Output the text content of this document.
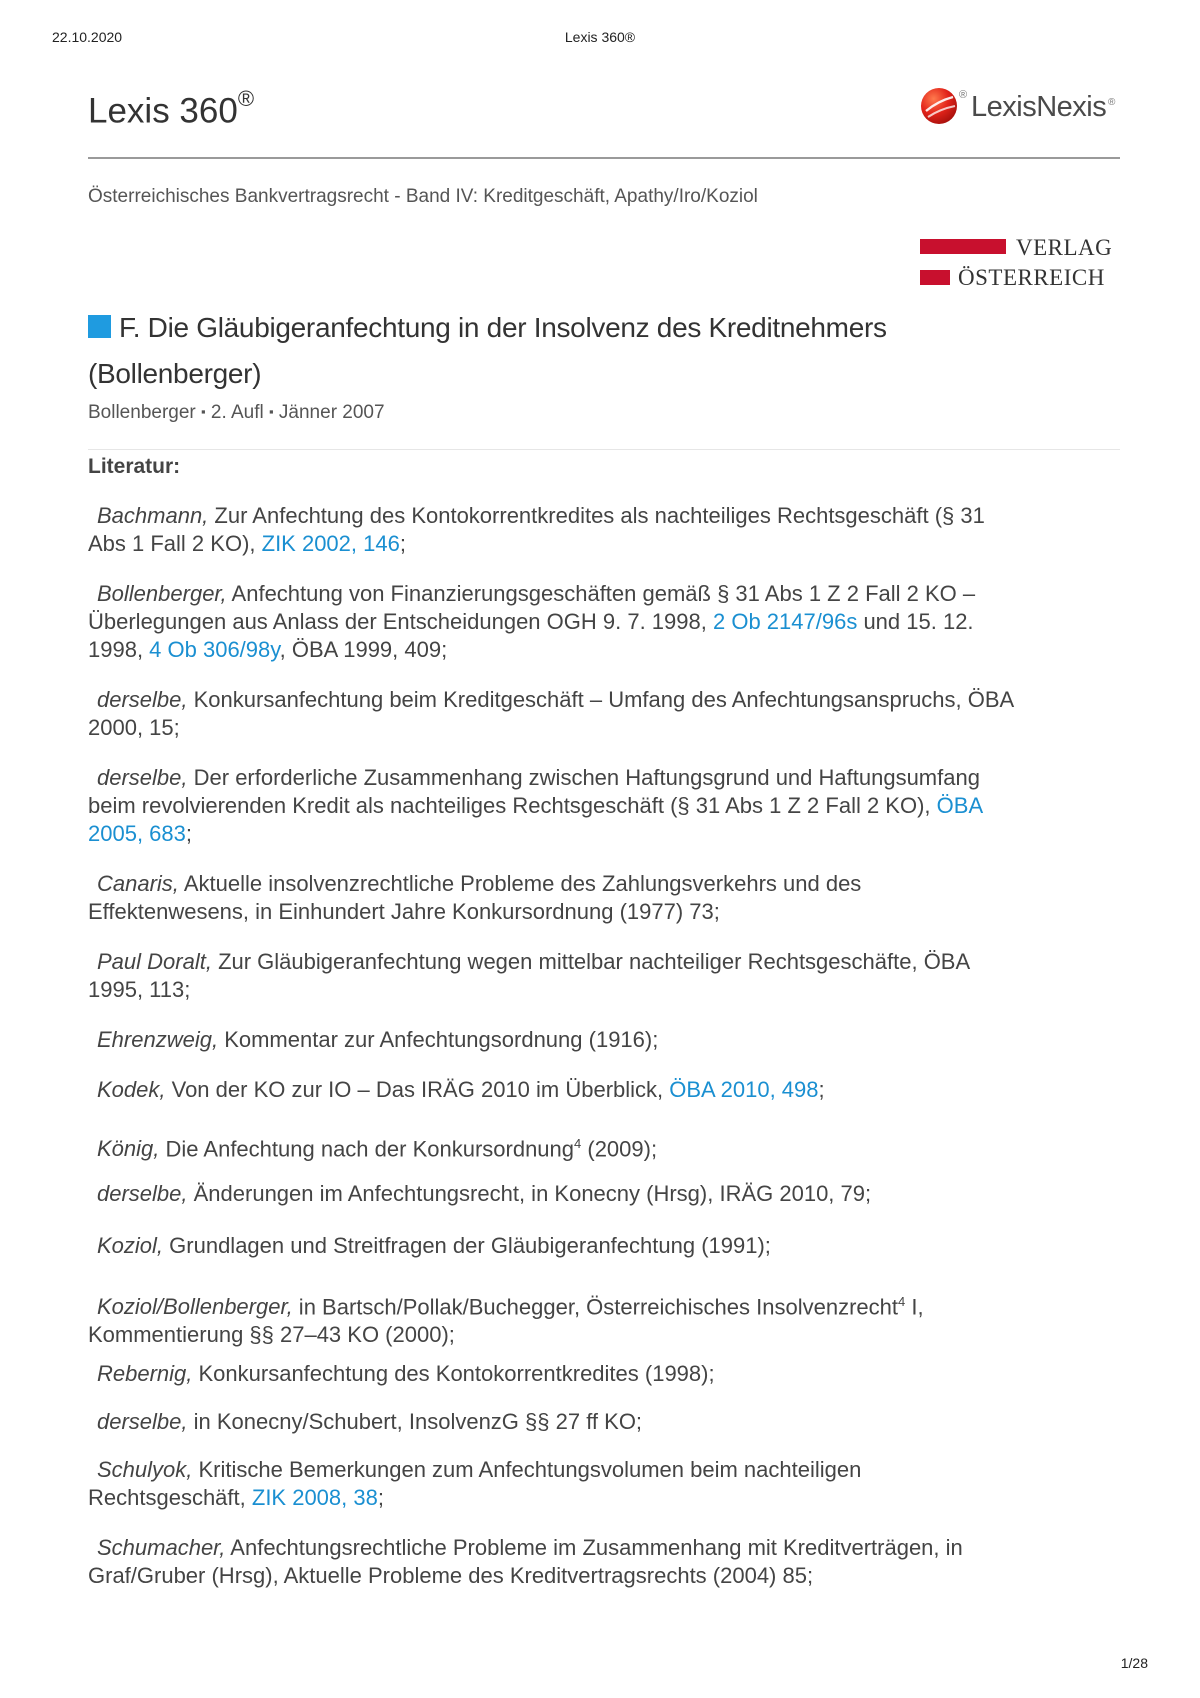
22.10.2020	Lexis 360®
Lexis 360®	® LexisNexis ®
Österreichisches Bankvertragsrecht - Band IV: Kreditgeschäft, Apathy/Iro/Koziol
VERLAG
ÖSTERREICH
F. Die Gläubigeranfechtung in der Insolvenz des Kreditnehmers
(Bollenberger)
Bollenberger ▪ 2. Aufl ▪ Jänner 2007
Literatur:
Bachmann, Zur Anfechtung des Kontokorrentkredites als nachteiliges Rechtsgeschäft (§ 31
Abs 1 Fall 2 KO), ZIK 2002, 146;
Bollenberger, Anfechtung von Finanzierungsgeschäften gemäß § 31 Abs 1 Z 2 Fall 2 KO –
Überlegungen aus Anlass der Entscheidungen OGH 9. 7. 1998, 2 Ob 2147/96s und 15. 12.
1998, 4 Ob 306/98y, ÖBA 1999, 409;
derselbe, Konkursanfechtung beim Kreditgeschäft – Umfang des Anfechtungsanspruchs, ÖBA
2000, 15;
derselbe, Der erforderliche Zusammenhang zwischen Haftungsgrund und Haftungsumfang
beim revolvierenden Kredit als nachteiliges Rechtsgeschäft (§ 31 Abs 1 Z 2 Fall 2 KO), ÖBA
2005, 683;
Canaris, Aktuelle insolvenzrechtliche Probleme des Zahlungsverkehrs und des
Effektenwesens, in Einhundert Jahre Konkursordnung (1977) 73;
Paul Doralt, Zur Gläubigeranfechtung wegen mittelbar nachteiliger Rechtsgeschäfte, ÖBA
1995, 113;
Ehrenzweig, Kommentar zur Anfechtungsordnung (1916);
Kodek, Von der KO zur IO – Das IRÄG 2010 im Überblick, ÖBA 2010, 498;
König, Die Anfechtung nach der Konkursordnung$^4$ (2009);
derselbe, Änderungen im Anfechtungsrecht, in Konecny (Hrsg), IRÄG 2010, 79;
Koziol, Grundlagen und Streitfragen der Gläubigeranfechtung (1991);
Koziol/Bollenberger, in Bartsch/Pollak/Buchegger, Österreichisches Insolvenzrecht$^4$ I,
Kommentierung §§ 27–43 KO (2000);
Rebernig, Konkursanfechtung des Kontokorrentkredites (1998);
derselbe, in Konecny/Schubert, InsolvenzG §§ 27 ff KO;
Schulyok, Kritische Bemerkungen zum Anfechtungsvolumen beim nachteiligen
Rechtsgeschäft, ZIK 2008, 38;
Schumacher, Anfechtungsrechtliche Probleme im Zusammenhang mit Kreditverträgen, in
Graf/Gruber (Hrsg), Aktuelle Probleme des Kreditvertragsrechts (2004) 85;
1/28
